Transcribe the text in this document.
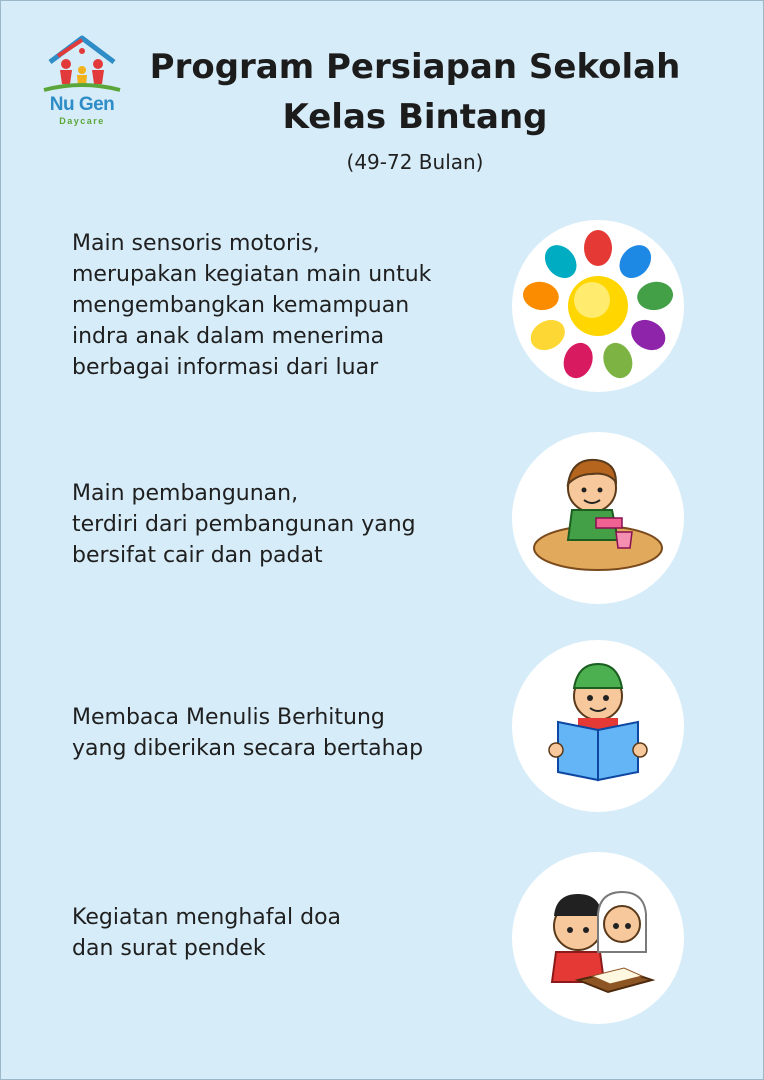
Nu Gen
Daycare
Program Persiapan Sekolah
Kelas Bintang
(49-72 Bulan)
Main sensoris motoris,
merupakan kegiatan main untuk
mengembangkan kemampuan
indra anak dalam menerima
berbagai informasi dari luar
Main pembangunan,
terdiri dari pembangunan yang
bersifat cair dan padat
Membaca Menulis Berhitung
yang diberikan secara bertahap
Kegiatan menghafal doa
dan surat pendek
